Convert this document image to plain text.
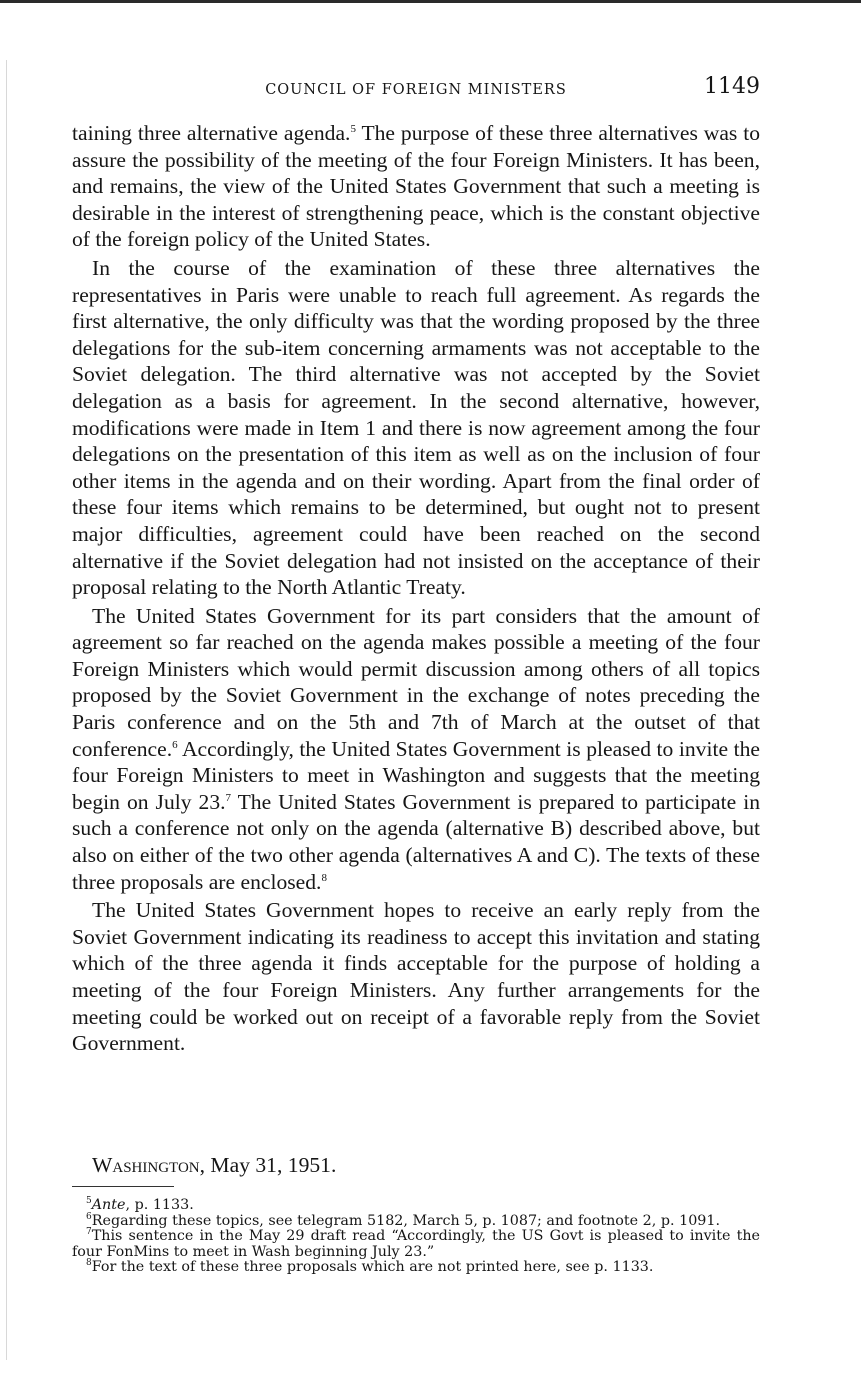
COUNCIL OF FOREIGN MINISTERS	1149

taining three alternative agenda.$^5$ The purpose of these three alternatives was to assure the possibility of the meeting of the four Foreign Ministers. It has been, and remains, the view of the United States Government that such a meeting is desirable in the interest of strengthening peace, which is the constant objective of the foreign policy of the United States.

In the course of the examination of these three alternatives the representatives in Paris were unable to reach full agreement. As regards the first alternative, the only difficulty was that the wording proposed by the three delegations for the sub-item concerning armaments was not acceptable to the Soviet delegation. The third alternative was not accepted by the Soviet delegation as a basis for agreement. In the second alternative, however, modifications were made in Item 1 and there is now agreement among the four delegations on the presentation of this item as well as on the inclusion of four other items in the agenda and on their wording. Apart from the final order of these four items which remains to be determined, but ought not to present major difficulties, agreement could have been reached on the second alternative if the Soviet delegation had not insisted on the acceptance of their proposal relating to the North Atlantic Treaty.

The United States Government for its part considers that the amount of agreement so far reached on the agenda makes possible a meeting of the four Foreign Ministers which would permit discussion among others of all topics proposed by the Soviet Government in the exchange of notes preceding the Paris conference and on the 5th and 7th of March at the outset of that conference.$^6$ Accordingly, the United States Government is pleased to invite the four Foreign Ministers to meet in Washington and suggests that the meeting begin on July 23.$^7$ The United States Government is prepared to participate in such a conference not only on the agenda (alternative B) described above, but also on either of the two other agenda (alternatives A and C). The texts of these three proposals are enclosed.$^8$

The United States Government hopes to receive an early reply from the Soviet Government indicating its readiness to accept this invitation and stating which of the three agenda it finds acceptable for the purpose of holding a meeting of the four Foreign Ministers. Any further arrangements for the meeting could be worked out on receipt of a favorable reply from the Soviet Government.

Washington, May 31, 1951.

$^5$Ante, p. 1133.

$^6$Regarding these topics, see telegram 5182, March 5, p. 1087; and footnote 2, p. 1091.

$^7$This sentence in the May 29 draft read “Accordingly, the US Govt is pleased to invite the four FonMins to meet in Wash beginning July 23.”

$^8$For the text of these three proposals which are not printed here, see p. 1133.
